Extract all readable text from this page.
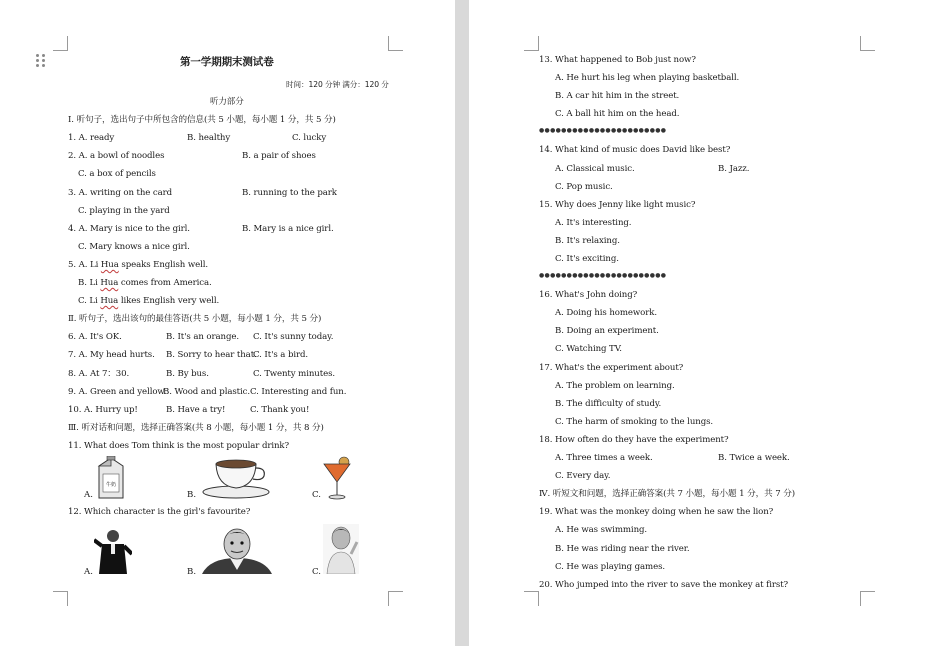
第一学期期末测试卷
时间：120 分钟 满分：120 分
听力部分
Ⅰ. 听句子，选出句子中所包含的信息(共 5 小题，每小题 1 分，共 5 分)
1. A. ready	B. healthy	C. lucky
2. A. a bowl of noodles	B. a pair of shoes
C. a box of pencils
3. A. writing on the card	B. running to the park
C. playing in the yard
4. A. Mary is nice to the girl.	B. Mary is a nice girl.
C. Mary knows a nice girl.
5. A. Li Hua speaks English well.
B. Li Hua comes from America.
C. Li Hua likes English very well.
Ⅱ. 听句子，选出该句的最佳答语(共 5 小题，每小题 1 分，共 5 分)
6. A. It's OK.	B. It's an orange. C. It's sunny today.
7. A. My head hurts. B. Sorry to hear that.
C. It's a bird.
8. A. At 7：30.	B. By bus.	C. Twenty minutes.
9. A. Green and yellow.
B. Wood and plastic. C. Interesting and fun.
10. A. Hurry up!	B. Have a try!	C. Thank you!
Ⅲ. 听对话和问题，选择正确答案(共 8 小题，每小题 1 分，共 8 分)
11. What does Tom think is the most popular drink?
A.
牛奶
B.	C.
12. Which character is the girl's favourite?
A.	B.	C.
13. What happened to Bob just now?
A. He hurt his leg when playing basketball.
B. A car hit him in the street.
C. A ball hit him on the head.
●●●●●●●●●●●●●●●●●●●●●●●
14. What kind of music does David like best?
A. Classical music.	B. Jazz.
C. Pop music.
15. Why does Jenny like light music?
A. It's interesting.
B. It's relaxing.
C. It's exciting.
●●●●●●●●●●●●●●●●●●●●●●●
16. What's John doing?
A. Doing his homework.
B. Doing an experiment.
C. Watching TV.
17. What's the experiment about?
A. The problem on learning.
B. The difficulty of study.
C. The harm of smoking to the lungs.
18. How often do they have the experiment?
A. Three times a week.	B. Twice a week.
C. Every day.
Ⅳ. 听短文和问题，选择正确答案(共 7 小题，每小题 1 分，共 7 分)
19. What was the monkey doing when he saw the lion?
A. He was swimming.
B. He was riding near the river.
C. He was playing games.
20. Who jumped into the river to save the monkey at first?
